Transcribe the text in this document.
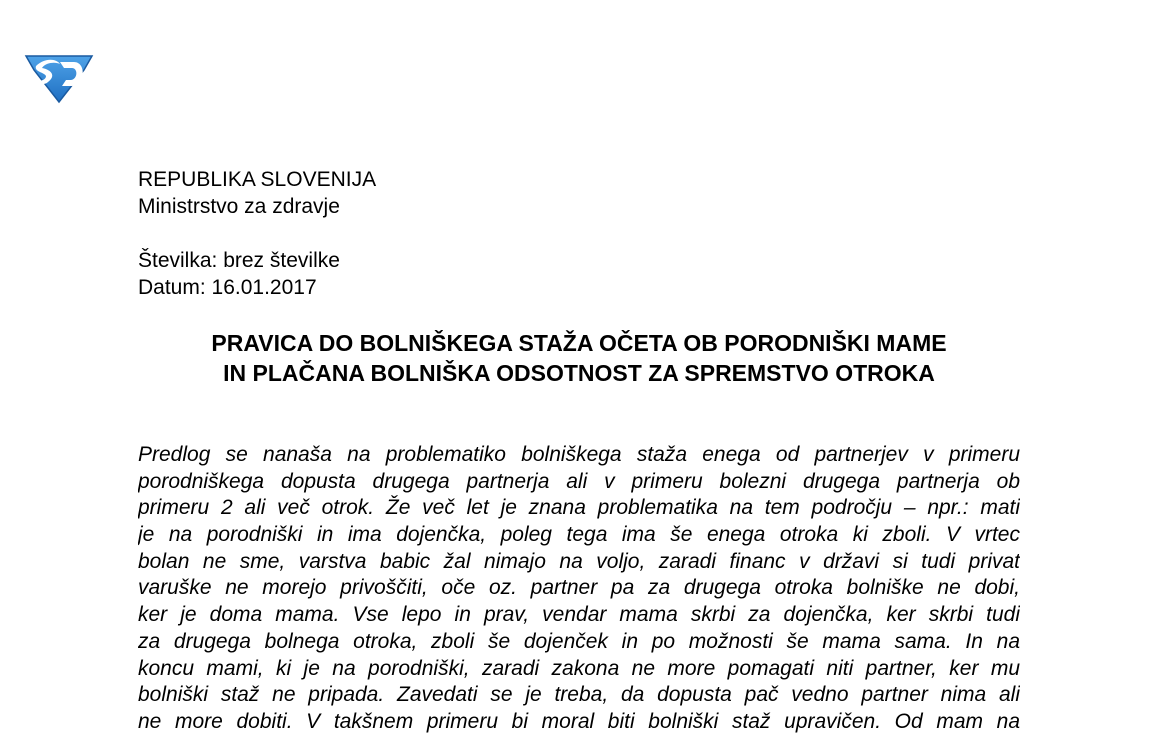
REPUBLIKA SLOVENIJA
Ministrstvo za zdravje
Številka: brez številke
Datum: 16.01.2017
PRAVICA DO BOLNIŠKEGA STAŽA OČETA OB PORODNIŠKI MAME
IN PLAČANA BOLNIŠKA ODSOTNOST ZA SPREMSTVO OTROKA
Predlog se nanaša na problematiko bolniškega staža enega od partnerjev v primeru
porodniškega dopusta drugega partnerja ali v primeru bolezni drugega partnerja ob
primeru 2 ali več otrok. Že več let je znana problematika na tem področju – npr.: mati
je na porodniški in ima dojenčka, poleg tega ima še enega otroka ki zboli. V vrtec
bolan ne sme, varstva babic žal nimajo na voljo, zaradi financ v državi si tudi privat
varuške ne morejo privoščiti, oče oz. partner pa za drugega otroka bolniške ne dobi,
ker je doma mama. Vse lepo in prav, vendar mama skrbi za dojenčka, ker skrbi tudi
za drugega bolnega otroka, zboli še dojenček in po možnosti še mama sama. In na
koncu mami, ki je na porodniški, zaradi zakona ne more pomagati niti partner, ker mu
bolniški staž ne pripada. Zavedati se je treba, da dopusta pač vedno partner nima ali
ne more dobiti. V takšnem primeru bi moral biti bolniški staž upravičen. Od mam na
